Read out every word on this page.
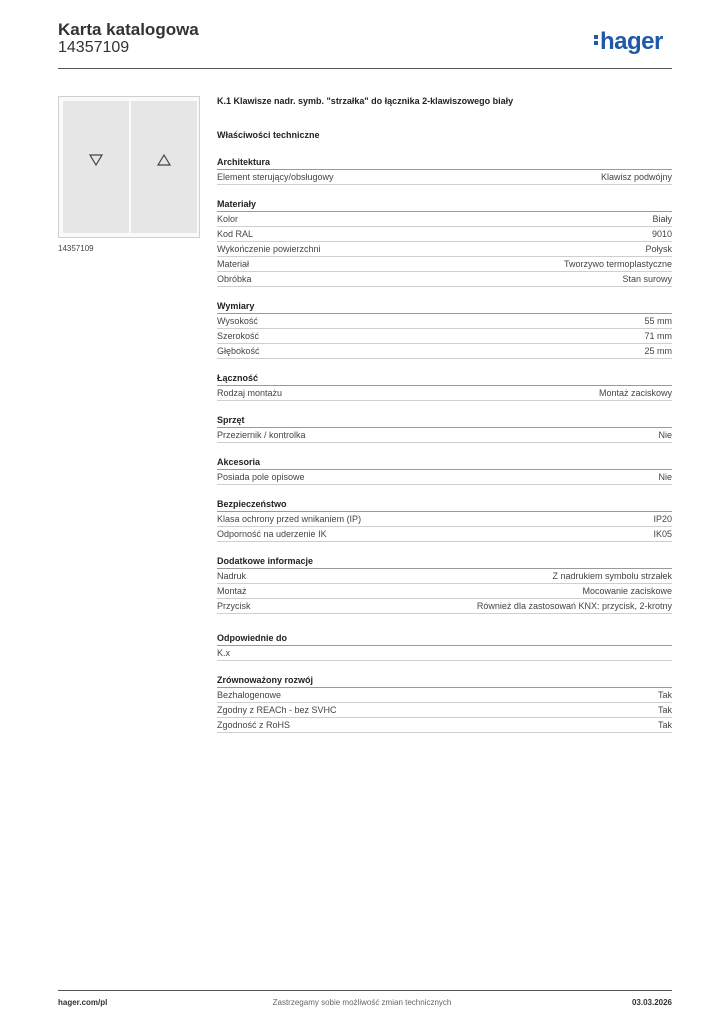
Karta katalogowa
14357109	hager
14357109
K.1 Klawisze nadr. symb. "strzałka" do łącznika 2-klawiszowego biały
Właściwości techniczne
Architektura
Element sterujący/obsługowy	Klawisz podwójny
Materiały
Kolor	Biały
Kod RAL	9010
Wykończenie powierzchni	Połysk
Materiał	Tworzywo termoplastyczne
Obróbka	Stan surowy
Wymiary
Wysokość	55 mm
Szerokość	71 mm
Głębokość	25 mm
Łączność
Rodzaj montażu	Montaż zaciskowy
Sprzęt
Przeziernik / kontrolka	Nie
Akcesoria
Posiada pole opisowe	Nie
Bezpieczeństwo
Klasa ochrony przed wnikaniem (IP)	IP20
Odporność na uderzenie IK	IK05
Dodatkowe informacje
Nadruk	Z nadrukiem symbolu strzałek
Montaż	Mocowanie zaciskowe
Przycisk	Również dla zastosowań KNX: przycisk, 2-krotny
Odpowiednie do
K.x
Zrównoważony rozwój
Bezhalogenowe	Tak
Zgodny z REACh - bez SVHC	Tak
Zgodność z RoHS	Tak
hager.com/pl	Zastrzegamy sobie możliwość zmian technicznych	03.03.2026
